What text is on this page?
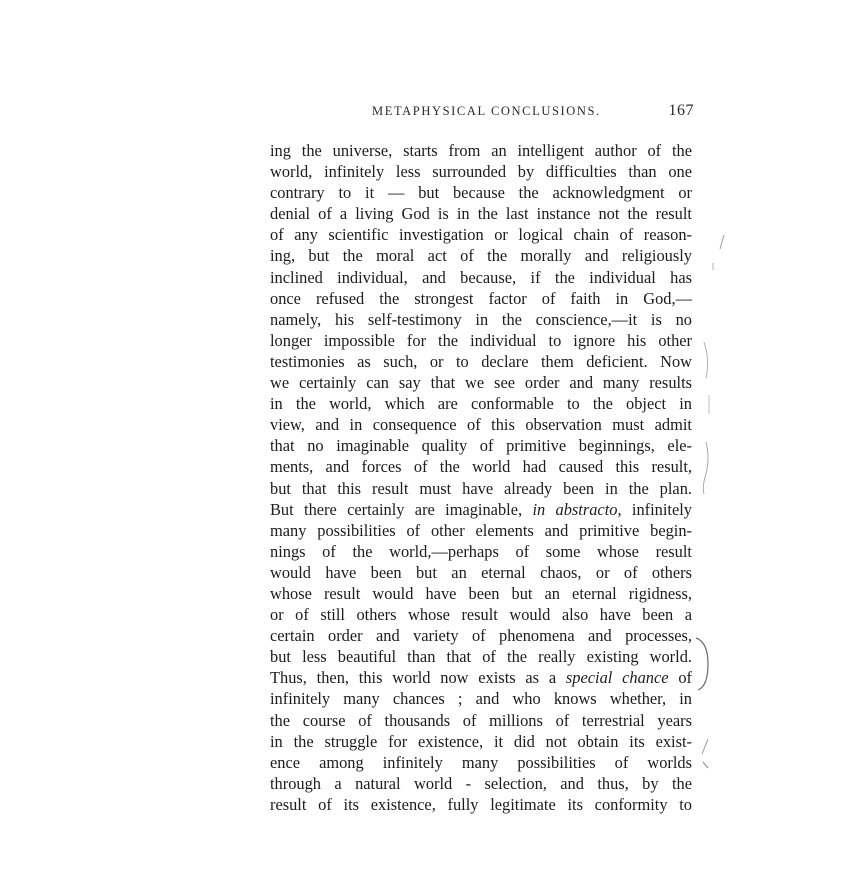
METAPHYSICAL CONCLUSIONS.	167
ing the universe, starts from an intelligent author of the
world, infinitely less surrounded by difficulties than one
contrary to it — but because the acknowledgment or
denial of a living God is in the last instance not the result
of any scientific investigation or logical chain of reason-
ing, but the moral act of the morally and religiously
inclined individual, and because, if the individual has
once refused the strongest factor of faith in God,—
namely, his self-testimony in the conscience,—it is no
longer impossible for the individual to ignore his other
testimonies as such, or to declare them deficient. Now
we certainly can say that we see order and many results
in the world, which are conformable to the object in
view, and in consequence of this observation must admit
that no imaginable quality of primitive beginnings, ele-
ments, and forces of the world had caused this result,
but that this result must have already been in the plan.
But there certainly are imaginable, in abstracto, infinitely
many possibilities of other elements and primitive begin-
nings of the world,—perhaps of some whose result
would have been but an eternal chaos, or of others
whose result would have been but an eternal rigidness,
or of still others whose result would also have been a
certain order and variety of phenomena and processes,
but less beautiful than that of the really existing world.
Thus, then, this world now exists as a special chance of
infinitely many chances ; and who knows whether, in
the course of thousands of millions of terrestrial years
in the struggle for existence, it did not obtain its exist-
ence among infinitely many possibilities of worlds
through a natural world - selection, and thus, by the
result of its existence, fully legitimate its conformity to
